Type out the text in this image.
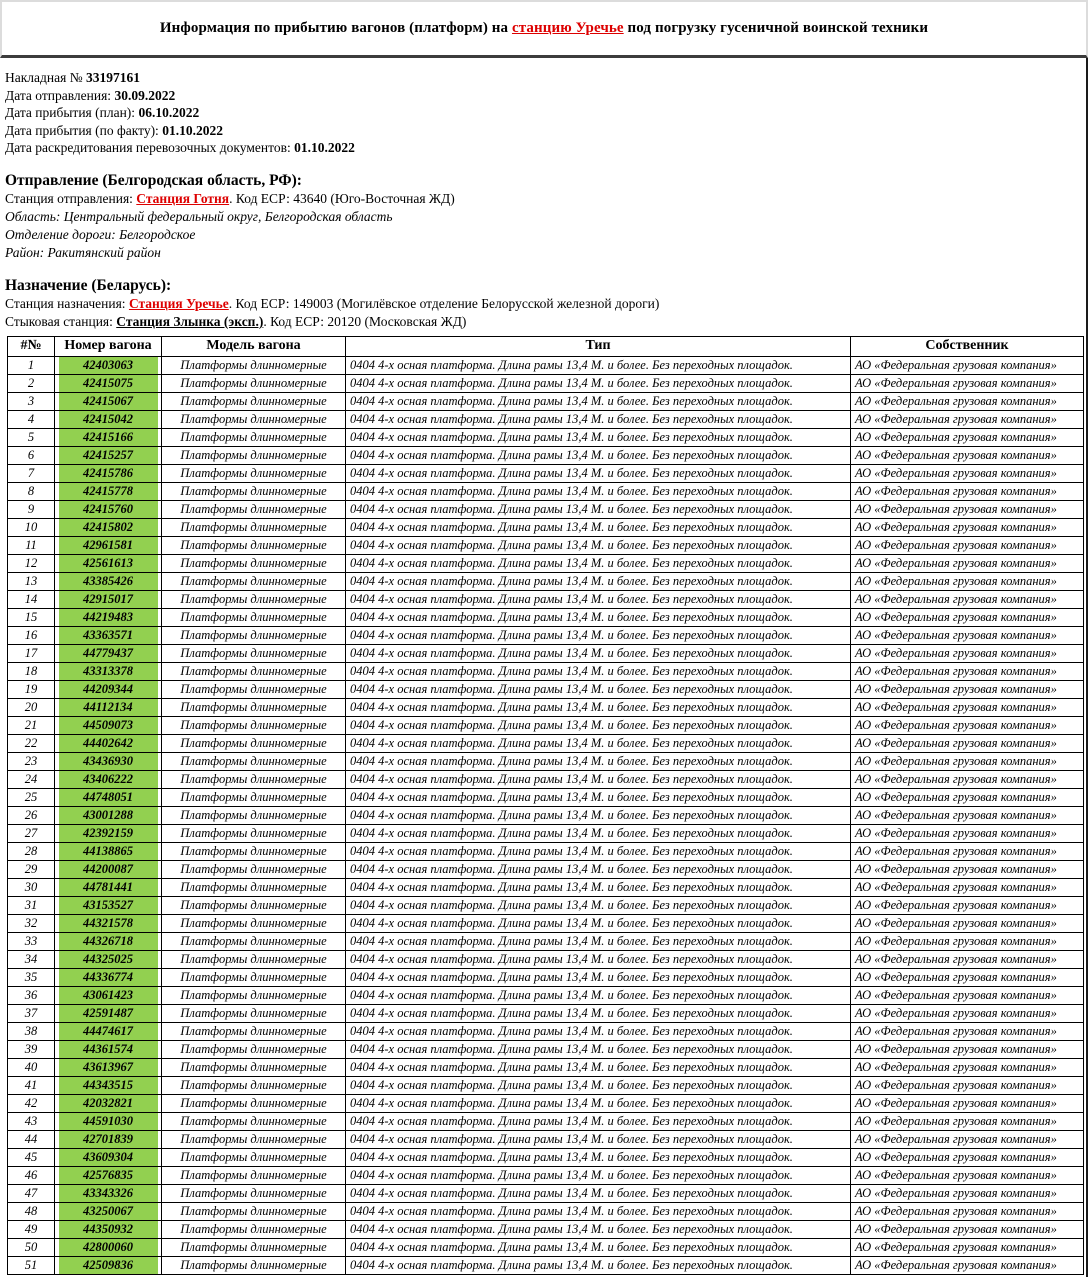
Информация по прибытию вагонов (платформ) на станцию Уречье под погрузку гусеничной воинской техники
Накладная № 33197161
Дата отправления: 30.09.2022
Дата прибытия (план): 06.10.2022
Дата прибытия (по факту): 01.10.2022
Дата раскредитования перевозочных документов: 01.10.2022
Отправление (Белгородская область, РФ):
Станция отправления: Станция Готня. Код ЕСР: 43640 (Юго-Восточная ЖД)
Область: Центральный федеральный округ, Белгородская область
Отделение дороги: Белгородское
Район: Ракитянский район
Назначение (Беларусь):
Станция назначения: Станция Уречье. Код ЕСР: 149003 (Могилёвское отделение Белорусской железной дороги)
Стыковая станция: Станция Злынка (эксп.). Код ЕСР: 20120 (Московская ЖД)
#№	Номер вагона	Модель вагона	Тип	Собственник
1	42403063	Платформы длинномерные	0404 4-х осная платформа. Длина рамы 13,4 М. и более. Без переходных площадок.	АО «Федеральная грузовая компания»
2	42415075	Платформы длинномерные	0404 4-х осная платформа. Длина рамы 13,4 М. и более. Без переходных площадок.	АО «Федеральная грузовая компания»
3	42415067	Платформы длинномерные	0404 4-х осная платформа. Длина рамы 13,4 М. и более. Без переходных площадок.	АО «Федеральная грузовая компания»
4	42415042	Платформы длинномерные	0404 4-х осная платформа. Длина рамы 13,4 М. и более. Без переходных площадок.	АО «Федеральная грузовая компания»
5	42415166	Платформы длинномерные	0404 4-х осная платформа. Длина рамы 13,4 М. и более. Без переходных площадок.	АО «Федеральная грузовая компания»
6	42415257	Платформы длинномерные	0404 4-х осная платформа. Длина рамы 13,4 М. и более. Без переходных площадок.	АО «Федеральная грузовая компания»
7	42415786	Платформы длинномерные	0404 4-х осная платформа. Длина рамы 13,4 М. и более. Без переходных площадок.	АО «Федеральная грузовая компания»
8	42415778	Платформы длинномерные	0404 4-х осная платформа. Длина рамы 13,4 М. и более. Без переходных площадок.	АО «Федеральная грузовая компания»
9	42415760	Платформы длинномерные	0404 4-х осная платформа. Длина рамы 13,4 М. и более. Без переходных площадок.	АО «Федеральная грузовая компания»
10	42415802	Платформы длинномерные	0404 4-х осная платформа. Длина рамы 13,4 М. и более. Без переходных площадок.	АО «Федеральная грузовая компания»
11	42961581	Платформы длинномерные	0404 4-х осная платформа. Длина рамы 13,4 М. и более. Без переходных площадок.	АО «Федеральная грузовая компания»
12	42561613	Платформы длинномерные	0404 4-х осная платформа. Длина рамы 13,4 М. и более. Без переходных площадок.	АО «Федеральная грузовая компания»
13	43385426	Платформы длинномерные	0404 4-х осная платформа. Длина рамы 13,4 М. и более. Без переходных площадок.	АО «Федеральная грузовая компания»
14	42915017	Платформы длинномерные	0404 4-х осная платформа. Длина рамы 13,4 М. и более. Без переходных площадок.	АО «Федеральная грузовая компания»
15	44219483	Платформы длинномерные	0404 4-х осная платформа. Длина рамы 13,4 М. и более. Без переходных площадок.	АО «Федеральная грузовая компания»
16	43363571	Платформы длинномерные	0404 4-х осная платформа. Длина рамы 13,4 М. и более. Без переходных площадок.	АО «Федеральная грузовая компания»
17	44779437	Платформы длинномерные	0404 4-х осная платформа. Длина рамы 13,4 М. и более. Без переходных площадок.	АО «Федеральная грузовая компания»
18	43313378	Платформы длинномерные	0404 4-х осная платформа. Длина рамы 13,4 М. и более. Без переходных площадок.	АО «Федеральная грузовая компания»
19	44209344	Платформы длинномерные	0404 4-х осная платформа. Длина рамы 13,4 М. и более. Без переходных площадок.	АО «Федеральная грузовая компания»
20	44112134	Платформы длинномерные	0404 4-х осная платформа. Длина рамы 13,4 М. и более. Без переходных площадок.	АО «Федеральная грузовая компания»
21	44509073	Платформы длинномерные	0404 4-х осная платформа. Длина рамы 13,4 М. и более. Без переходных площадок.	АО «Федеральная грузовая компания»
22	44402642	Платформы длинномерные	0404 4-х осная платформа. Длина рамы 13,4 М. и более. Без переходных площадок.	АО «Федеральная грузовая компания»
23	43436930	Платформы длинномерные	0404 4-х осная платформа. Длина рамы 13,4 М. и более. Без переходных площадок.	АО «Федеральная грузовая компания»
24	43406222	Платформы длинномерные	0404 4-х осная платформа. Длина рамы 13,4 М. и более. Без переходных площадок.	АО «Федеральная грузовая компания»
25	44748051	Платформы длинномерные	0404 4-х осная платформа. Длина рамы 13,4 М. и более. Без переходных площадок.	АО «Федеральная грузовая компания»
26	43001288	Платформы длинномерные	0404 4-х осная платформа. Длина рамы 13,4 М. и более. Без переходных площадок.	АО «Федеральная грузовая компания»
27	42392159	Платформы длинномерные	0404 4-х осная платформа. Длина рамы 13,4 М. и более. Без переходных площадок.	АО «Федеральная грузовая компания»
28	44138865	Платформы длинномерные	0404 4-х осная платформа. Длина рамы 13,4 М. и более. Без переходных площадок.	АО «Федеральная грузовая компания»
29	44200087	Платформы длинномерные	0404 4-х осная платформа. Длина рамы 13,4 М. и более. Без переходных площадок.	АО «Федеральная грузовая компания»
30	44781441	Платформы длинномерные	0404 4-х осная платформа. Длина рамы 13,4 М. и более. Без переходных площадок.	АО «Федеральная грузовая компания»
31	43153527	Платформы длинномерные	0404 4-х осная платформа. Длина рамы 13,4 М. и более. Без переходных площадок.	АО «Федеральная грузовая компания»
32	44321578	Платформы длинномерные	0404 4-х осная платформа. Длина рамы 13,4 М. и более. Без переходных площадок.	АО «Федеральная грузовая компания»
33	44326718	Платформы длинномерные	0404 4-х осная платформа. Длина рамы 13,4 М. и более. Без переходных площадок.	АО «Федеральная грузовая компания»
34	44325025	Платформы длинномерные	0404 4-х осная платформа. Длина рамы 13,4 М. и более. Без переходных площадок.	АО «Федеральная грузовая компания»
35	44336774	Платформы длинномерные	0404 4-х осная платформа. Длина рамы 13,4 М. и более. Без переходных площадок.	АО «Федеральная грузовая компания»
36	43061423	Платформы длинномерные	0404 4-х осная платформа. Длина рамы 13,4 М. и более. Без переходных площадок.	АО «Федеральная грузовая компания»
37	42591487	Платформы длинномерные	0404 4-х осная платформа. Длина рамы 13,4 М. и более. Без переходных площадок.	АО «Федеральная грузовая компания»
38	44474617	Платформы длинномерные	0404 4-х осная платформа. Длина рамы 13,4 М. и более. Без переходных площадок.	АО «Федеральная грузовая компания»
39	44361574	Платформы длинномерные	0404 4-х осная платформа. Длина рамы 13,4 М. и более. Без переходных площадок.	АО «Федеральная грузовая компания»
40	43613967	Платформы длинномерные	0404 4-х осная платформа. Длина рамы 13,4 М. и более. Без переходных площадок.	АО «Федеральная грузовая компания»
41	44343515	Платформы длинномерные	0404 4-х осная платформа. Длина рамы 13,4 М. и более. Без переходных площадок.	АО «Федеральная грузовая компания»
42	42032821	Платформы длинномерные	0404 4-х осная платформа. Длина рамы 13,4 М. и более. Без переходных площадок.	АО «Федеральная грузовая компания»
43	44591030	Платформы длинномерные	0404 4-х осная платформа. Длина рамы 13,4 М. и более. Без переходных площадок.	АО «Федеральная грузовая компания»
44	42701839	Платформы длинномерные	0404 4-х осная платформа. Длина рамы 13,4 М. и более. Без переходных площадок.	АО «Федеральная грузовая компания»
45	43609304	Платформы длинномерные	0404 4-х осная платформа. Длина рамы 13,4 М. и более. Без переходных площадок.	АО «Федеральная грузовая компания»
46	42576835	Платформы длинномерные	0404 4-х осная платформа. Длина рамы 13,4 М. и более. Без переходных площадок.	АО «Федеральная грузовая компания»
47	43343326	Платформы длинномерные	0404 4-х осная платформа. Длина рамы 13,4 М. и более. Без переходных площадок.	АО «Федеральная грузовая компания»
48	43250067	Платформы длинномерные	0404 4-х осная платформа. Длина рамы 13,4 М. и более. Без переходных площадок.	АО «Федеральная грузовая компания»
49	44350932	Платформы длинномерные	0404 4-х осная платформа. Длина рамы 13,4 М. и более. Без переходных площадок.	АО «Федеральная грузовая компания»
50	42800060	Платформы длинномерные	0404 4-х осная платформа. Длина рамы 13,4 М. и более. Без переходных площадок.	АО «Федеральная грузовая компания»
51	42509836	Платформы длинномерные	0404 4-х осная платформа. Длина рамы 13,4 М. и более. Без переходных площадок.	АО «Федеральная грузовая компания»
